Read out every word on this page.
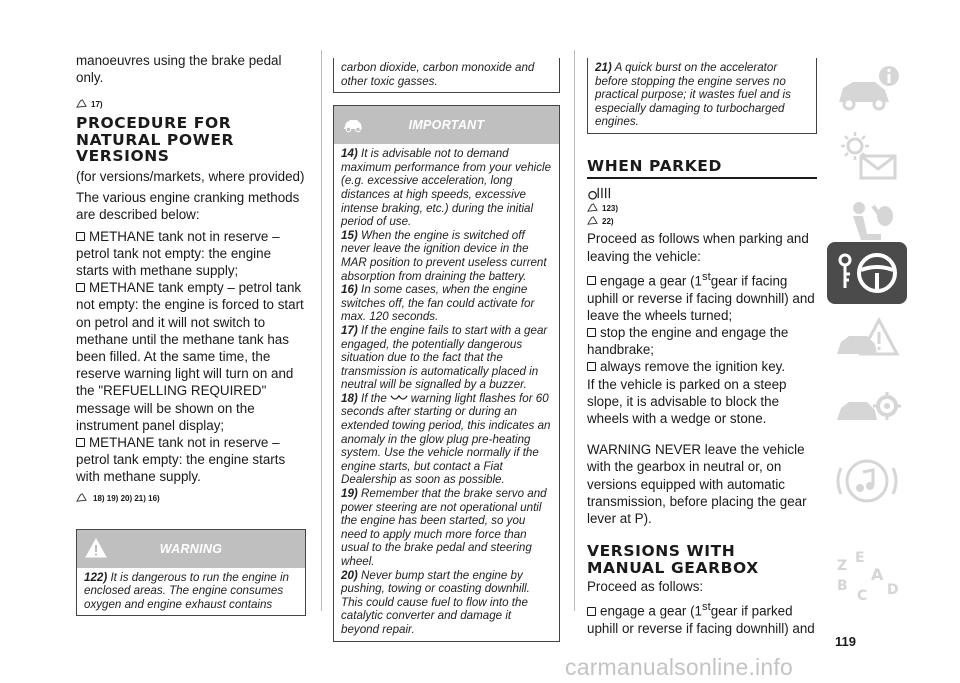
manoeuvres using the brake pedal only.

17)
PROCEDURE FOR NATURAL POWER VERSIONS

(for versions/markets, where provided)

The various engine cranking methods are described below:

METHANE tank not in reserve – petrol tank not empty: the engine starts with methane supply;
METHANE tank empty – petrol tank not empty: the engine is forced to start on petrol and it will not switch to methane until the methane tank has been filled. At the same time, the reserve warning light will turn on and the "REFUELLING REQUIRED" message will be shown on the instrument panel display;
METHANE tank not in reserve – petrol tank empty: the engine starts with methane supply.
18) 19) 20) 21) 16)
WARNING

122) It is dangerous to run the engine in enclosed areas. The engine consumes oxygen and engine exhaust contains

carbon dioxide, carbon monoxide and other toxic gasses.

IMPORTANT

14) It is advisable not to demand maximum performance from your vehicle (e.g. excessive acceleration, long distances at high speeds, excessive intense braking, etc.) during the initial period of use.

15) When the engine is switched off never leave the ignition device in the MAR position to prevent useless current absorption from draining the battery.

16) In some cases, when the engine switches off, the fan could activate for max. 120 seconds.

17) If the engine fails to start with a gear engaged, the potentially dangerous situation due to the fact that the transmission is automatically placed in neutral will be signalled by a buzzer.

18) If the warning light flashes for 60 seconds after starting or during an extended towing period, this indicates an anomaly in the glow plug pre-heating system. Use the vehicle normally if the engine starts, but contact a Fiat Dealership as soon as possible.

19) Remember that the brake servo and power steering are not operational until the engine has been started, so you need to apply much more force than usual to the brake pedal and steering wheel.

20) Never bump start the engine by pushing, towing or coasting downhill. This could cause fuel to flow into the catalytic converter and damage it beyond repair.

21) A quick burst on the accelerator before stopping the engine serves no practical purpose; it wastes fuel and is especially damaging to turbocharged engines.

WHEN PARKED
123)
22)

Proceed as follows when parking and leaving the vehicle:

engage a gear (1stgear if facing uphill or reverse if facing downhill) and leave the wheels turned;
stop the engine and engage the handbrake;
always remove the ignition key.

If the vehicle is parked on a steep slope, it is advisable to block the wheels with a wedge or stone.

WARNING NEVER leave the vehicle with the gearbox in neutral or, on versions equipped with automatic transmission, before placing the gear lever at P).

VERSIONS WITH MANUAL GEARBOX

Proceed as follows:

engage a gear (1stgear if parked uphill or reverse if facing downhill) and
Z E
A
B
C D
119
carmanualsonline.info
